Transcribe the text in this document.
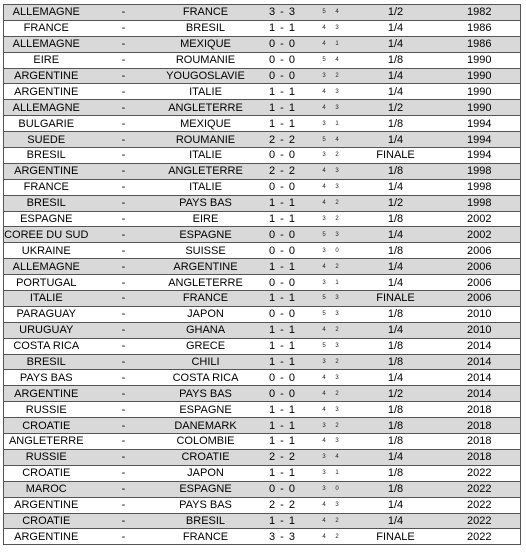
ALLEMAGNE	-	FRANCE	3 - 3	5 4	1/2	1982
FRANCE	-	BRESIL	1 - 1	4 3	1/4	1986
ALLEMAGNE	-	MEXIQUE	0 - 0	4 1	1/4	1986
EIRE	-	ROUMANIE	0 - 0	5 4	1/8	1990
ARGENTINE	-	YOUGOSLAVIE	0 - 0	3 2	1/4	1990
ARGENTINE	-	ITALIE	1 - 1	4 3	1/4	1990
ALLEMAGNE	-	ANGLETERRE	1 - 1	4 3	1/2	1990
BULGARIE	-	MEXIQUE	1 - 1	3 1	1/8	1994
SUEDE	-	ROUMANIE	2 - 2	5 4	1/4	1994
BRESIL	-	ITALIE	0 - 0	3 2	FINALE	1994
ARGENTINE	-	ANGLETERRE	2 - 2	4 3	1/8	1998
FRANCE	-	ITALIE	0 - 0	4 3	1/4	1998
BRESIL	-	PAYS BAS	1 - 1	4 2	1/2	1998
ESPAGNE	-	EIRE	1 - 1	3 2	1/8	2002
COREE DU SUD	-	ESPAGNE	0 - 0	5 3	1/4	2002
UKRAINE	-	SUISSE	0 - 0	3 0	1/8	2006
ALLEMAGNE	-	ARGENTINE	1 - 1	4 2	1/4	2006
PORTUGAL	-	ANGLETERRE	0 - 0	3 1	1/4	2006
ITALIE	-	FRANCE	1 - 1	5 3	FINALE	2006
PARAGUAY	-	JAPON	0 - 0	5 3	1/8	2010
URUGUAY	-	GHANA	1 - 1	4 2	1/4	2010
COSTA RICA	-	GRECE	1 - 1	5 3	1/8	2014
BRESIL	-	CHILI	1 - 1	3 2	1/8	2014
PAYS BAS	-	COSTA RICA	0 - 0	4 3	1/4	2014
ARGENTINE	-	PAYS BAS	0 - 0	4 2	1/2	2014
RUSSIE	-	ESPAGNE	1 - 1	4 3	1/8	2018
CROATIE	-	DANEMARK	1 - 1	3 2	1/8	2018
ANGLETERRE	-	COLOMBIE	1 - 1	4 3	1/8	2018
RUSSIE	-	CROATIE	2 - 2	3 4	1/4	2018
CROATIE	-	JAPON	1 - 1	3 1	1/8	2022
MAROC	-	ESPAGNE	0 - 0	3 0	1/8	2022
ARGENTINE	-	PAYS BAS	2 - 2	4 3	1/4	2022
CROATIE	-	BRESIL	1 - 1	4 2	1/4	2022
ARGENTINE	-	FRANCE	3 - 3	4 2	FINALE	2022
